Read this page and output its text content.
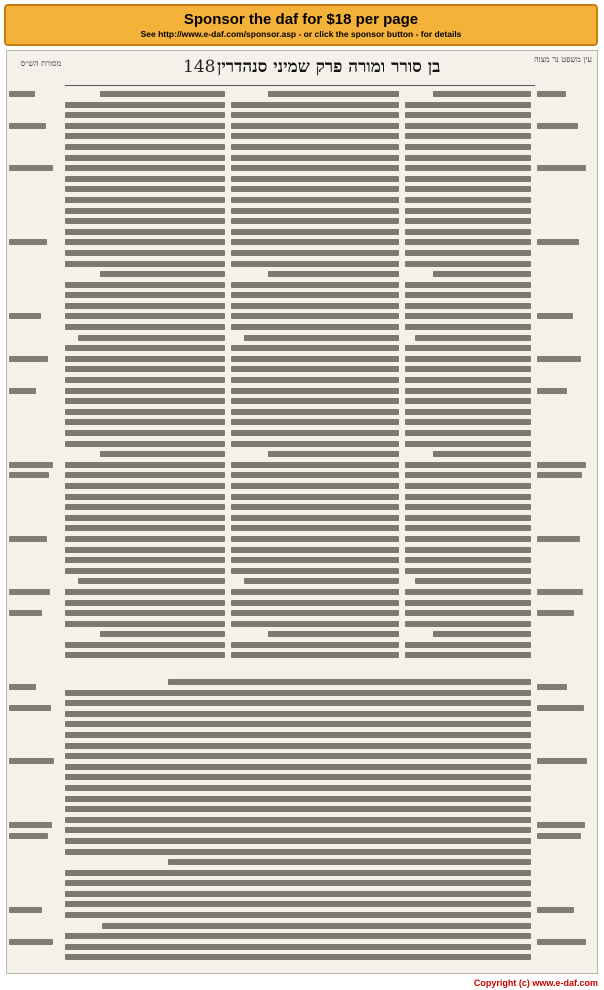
Sponsor the daf for $18 per page
See http://www.e-daf.com/sponsor.asp - or click the sponsor button - for details
מסורת הש״ס	148 בן סורר ומורה פרק שמיני סנהדרין	עין משפט נר מצוה
Copyright (c) www.e-daf.com
